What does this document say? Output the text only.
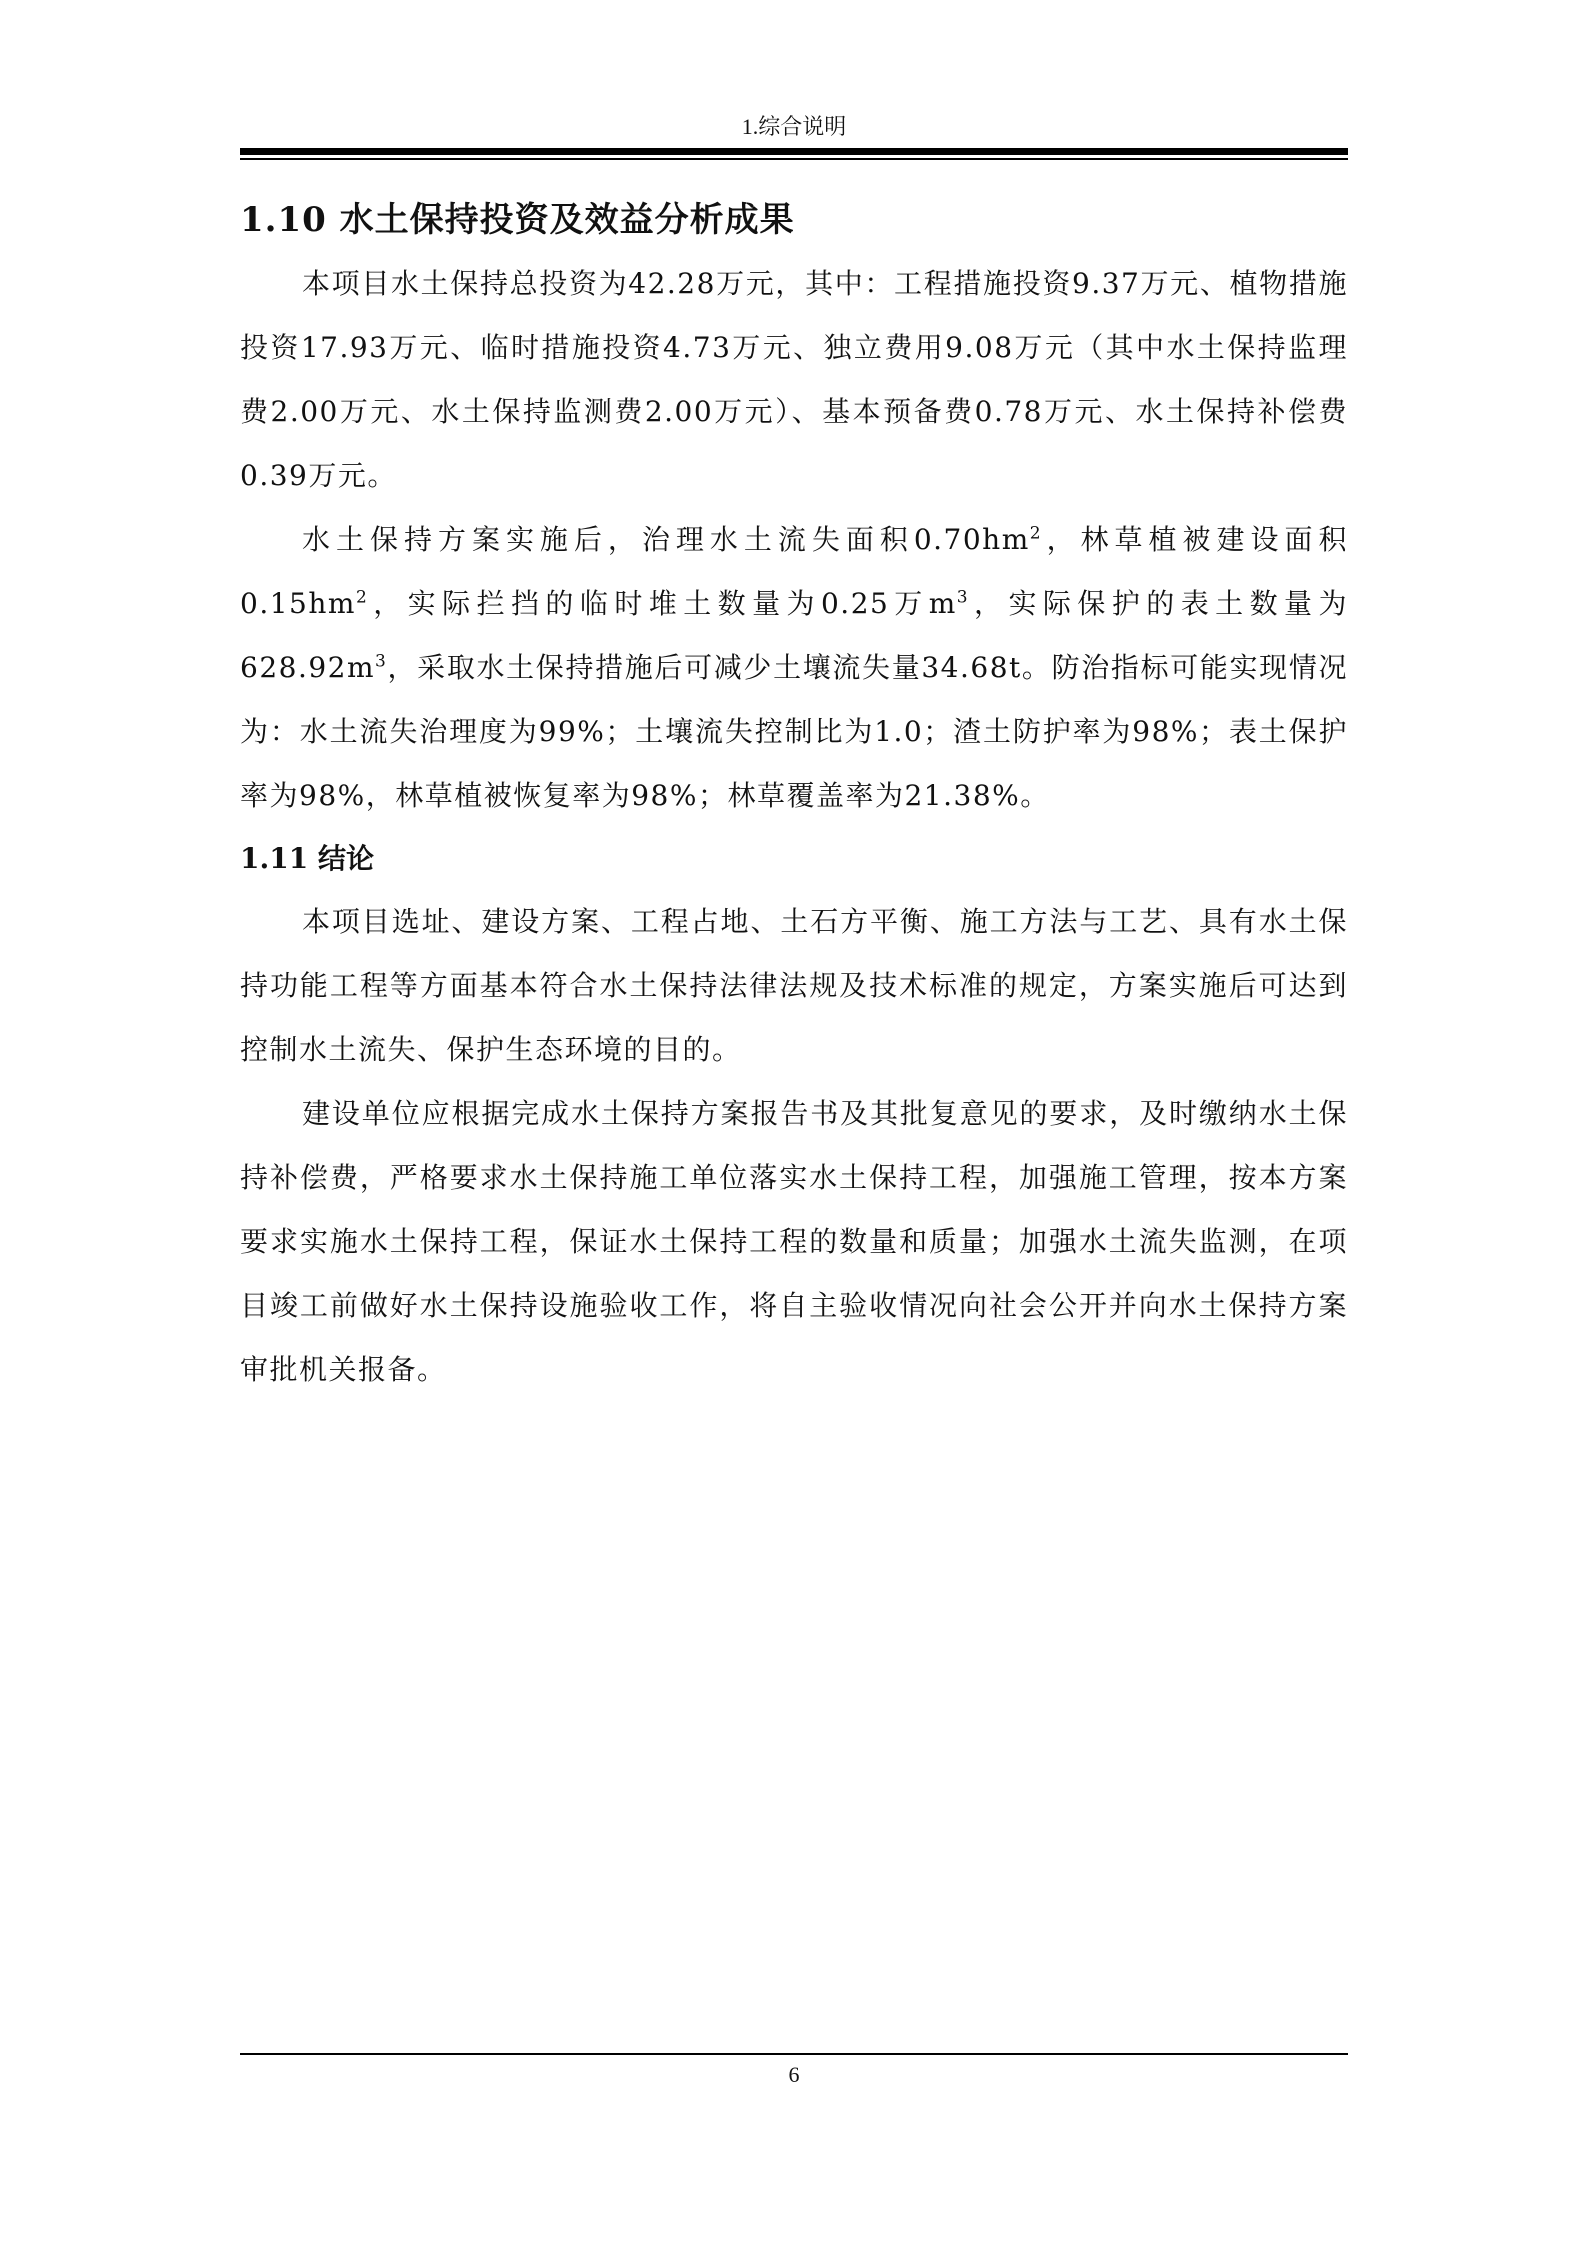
1.综合说明
1.10 水土保持投资及效益分析成果

本项目水土保持总投资为42.28万元，其中：工程措施投资9.37万元、植物措施投资17.93万元、临时措施投资4.73万元、独立费用9.08万元（其中水土保持监理费2.00万元、水土保持监测费2.00万元）、基本预备费0.78万元、水土保持补偿费0.39万元。

水土保持方案实施后，治理水土流失面积$0.70hm^2$，林草植被建设面积$0.15hm^2$，实际拦挡的临时堆土数量为0.25万$m^3$，实际保护的表土数量为$628.92m^3$，采取水土保持措施后可减少土壤流失量34.68t。防治指标可能实现情况为：水土流失治理度为99%；土壤流失控制比为1.0；渣土防护率为98%；表土保护率为98%，林草植被恢复率为98%；林草覆盖率为21.38%。

1.11 结论

本项目选址、建设方案、工程占地、土石方平衡、施工方法与工艺、具有水土保持功能工程等方面基本符合水土保持法律法规及技术标准的规定，方案实施后可达到控制水土流失、保护生态环境的目的。

建设单位应根据完成水土保持方案报告书及其批复意见的要求，及时缴纳水土保持补偿费，严格要求水土保持施工单位落实水土保持工程，加强施工管理，按本方案要求实施水土保持工程，保证水土保持工程的数量和质量；加强水土流失监测，在项目竣工前做好水土保持设施验收工作，将自主验收情况向社会公开并向水土保持方案审批机关报备。

6
